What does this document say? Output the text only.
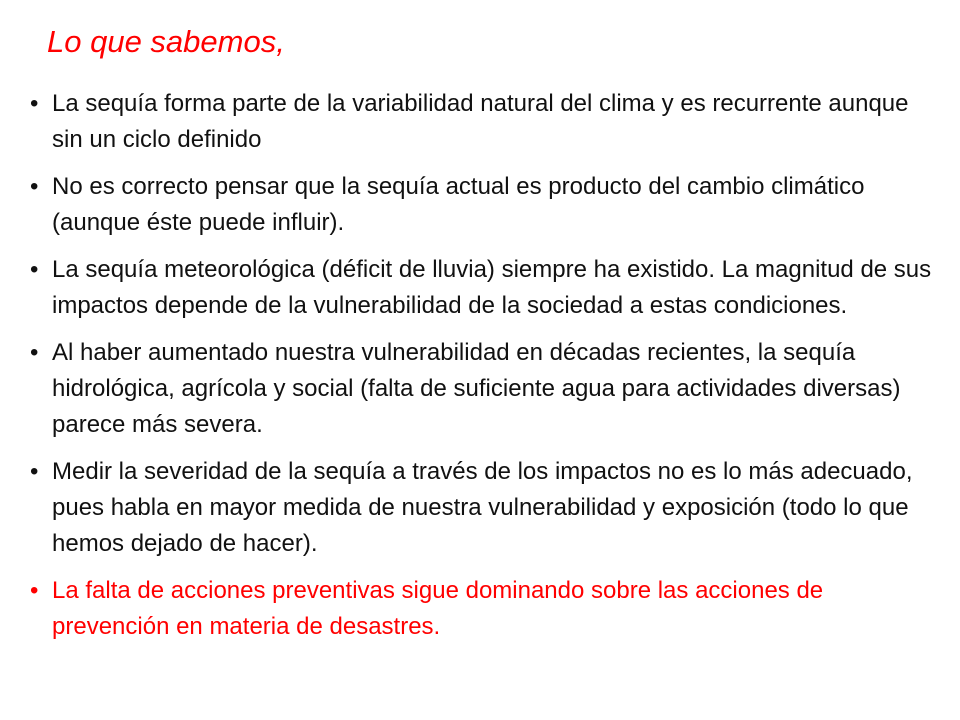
Lo que sabemos,
• La sequía forma parte de la variabilidad natural del clima y es recurrente aunque sin un ciclo definido
• No es correcto pensar que la sequía actual es producto del cambio climático (aunque éste puede influir).
• La sequía meteorológica (déficit de lluvia) siempre ha existido. La magnitud de sus impactos depende de la vulnerabilidad de la sociedad a estas condiciones.
• Al haber aumentado nuestra vulnerabilidad en décadas recientes, la sequía hidrológica, agrícola y social (falta de suficiente agua para actividades diversas) parece más severa.
• Medir la severidad de la sequía a través de los impactos no es lo más adecuado, pues habla en mayor medida de nuestra vulnerabilidad y exposición (todo lo que hemos dejado de hacer).
• La falta de acciones preventivas sigue dominando sobre las acciones de prevención en materia de desastres.
